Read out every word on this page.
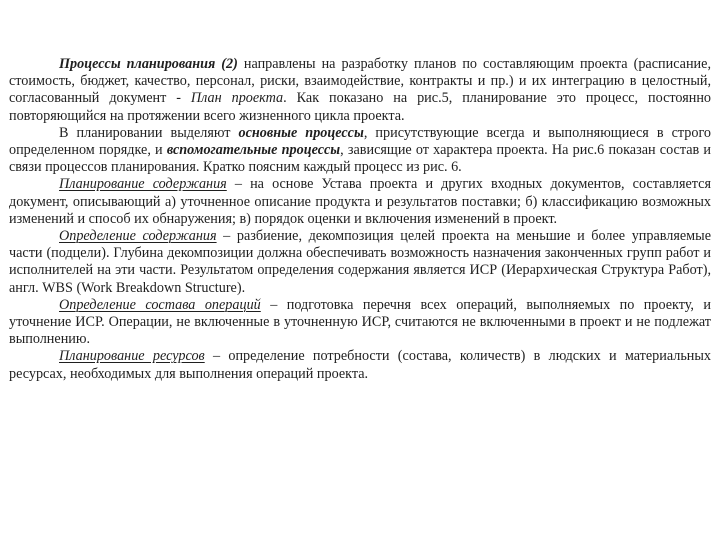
Процессы планирования (2) направлены на разработку планов по составляющим проекта (расписание, стоимость, бюджет, качество, персонал, риски, взаимодействие, контракты и пр.) и их интеграцию в целостный, согласованный документ - План проекта. Как показано на рис.5, планирование это процесс, постоянно повторяющийся на протяжении всего жизненного цикла проекта.

В планировании выделяют основные процессы, присутствующие всегда и выполняющиеся в строго определенном порядке, и вспомогательные процессы, зависящие от характера проекта. На рис.6 показан состав и связи процессов планирования. Кратко поясним каждый процесс из рис. 6.

Планирование содержания – на основе Устава проекта и других входных документов, составляется документ, описывающий а) уточненное описание продукта и результатов поставки; б) классификацию возможных изменений и способ их обнаружения; в) порядок оценки и включения изменений в проект.

Определение содержания – разбиение, декомпозиция целей проекта на меньшие и более управляемые части (подцели). Глубина декомпозиции должна обеспечивать возможность назначения законченных групп работ и исполнителей на эти части. Результатом определения содержания является ИСР (Иерархическая Структура Работ), англ. WBS (Work Breakdown Structure).

Определение состава операций – подготовка перечня всех операций, выполняемых по проекту, и уточнение ИСР. Операции, не включенные в уточненную ИСР, считаются не включенными в проект и не подлежат выполнению.

Планирование ресурсов – определение потребности (состава, количеств) в людских и материальных ресурсах, необходимых для выполнения операций проекта.
